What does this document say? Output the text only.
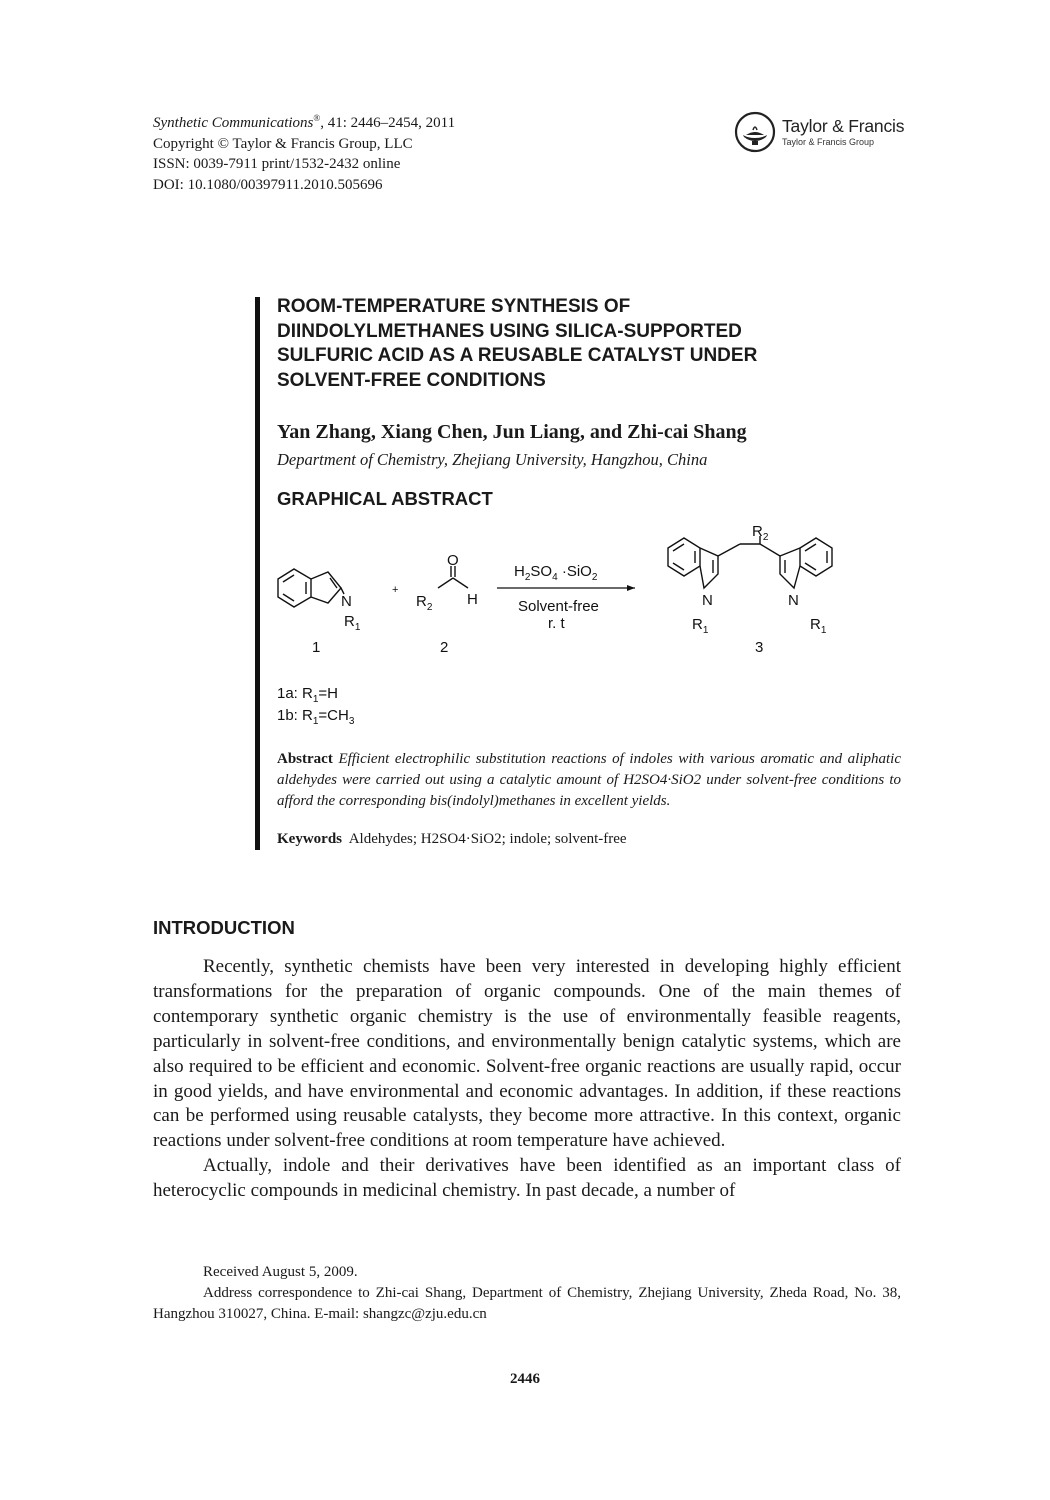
Synthetic Communications®, 41: 2446–2454, 2011
Copyright © Taylor & Francis Group, LLC
ISSN: 0039-7911 print/1532-2432 online
DOI: 10.1080/00397911.2010.505696
Taylor & Francis
Taylor & Francis Group
ROOM-TEMPERATURE SYNTHESIS OF
DIINDOLYLMETHANES USING SILICA-SUPPORTED
SULFURIC ACID AS A REUSABLE CATALYST UNDER
SOLVENT-FREE CONDITIONS
Yan Zhang, Xiang Chen, Jun Liang, and Zhi-cai Shang
Department of Chemistry, Zhejiang University, Hangzhou, China
GRAPHICAL ABSTRACT
N
$R_1$
+
O
$R_2$ H
$H_2SO_4 \cdot SiO_2$
Solvent-free
r. t
$R_2$
N	N
$R_1$	$R_1$
1	2	3
1a: $R_1=H$
1b: $R_1=CH_3$

Abstract Efficient electrophilic substitution reactions of indoles with various aromatic and aliphatic aldehydes were carried out using a catalytic amount of H2SO4·SiO2 under solvent-free conditions to afford the corresponding bis(indolyl)methanes in excellent yields.

Keywords Aldehydes; H2SO4·SiO2; indole; solvent-free
INTRODUCTION

Recently, synthetic chemists have been very interested in developing highly efficient transformations for the preparation of organic compounds. One of the main themes of contemporary synthetic organic chemistry is the use of environmentally feasible reagents, particularly in solvent-free conditions, and environmentally benign catalytic systems, which are also required to be efficient and economic. Solvent-free organic reactions are usually rapid, occur in good yields, and have environmental and economic advantages. In addition, if these reactions can be performed using reusable catalysts, they become more attractive. In this context, organic reactions under solvent-free conditions at room temperature have achieved.

Actually, indole and their derivatives have been identified as an important class of heterocyclic compounds in medicinal chemistry. In past decade, a number of

Received August 5, 2009.

Address correspondence to Zhi-cai Shang, Department of Chemistry, Zhejiang University, Zheda Road, No. 38, Hangzhou 310027, China. E-mail: shangzc@zju.edu.cn

2446
